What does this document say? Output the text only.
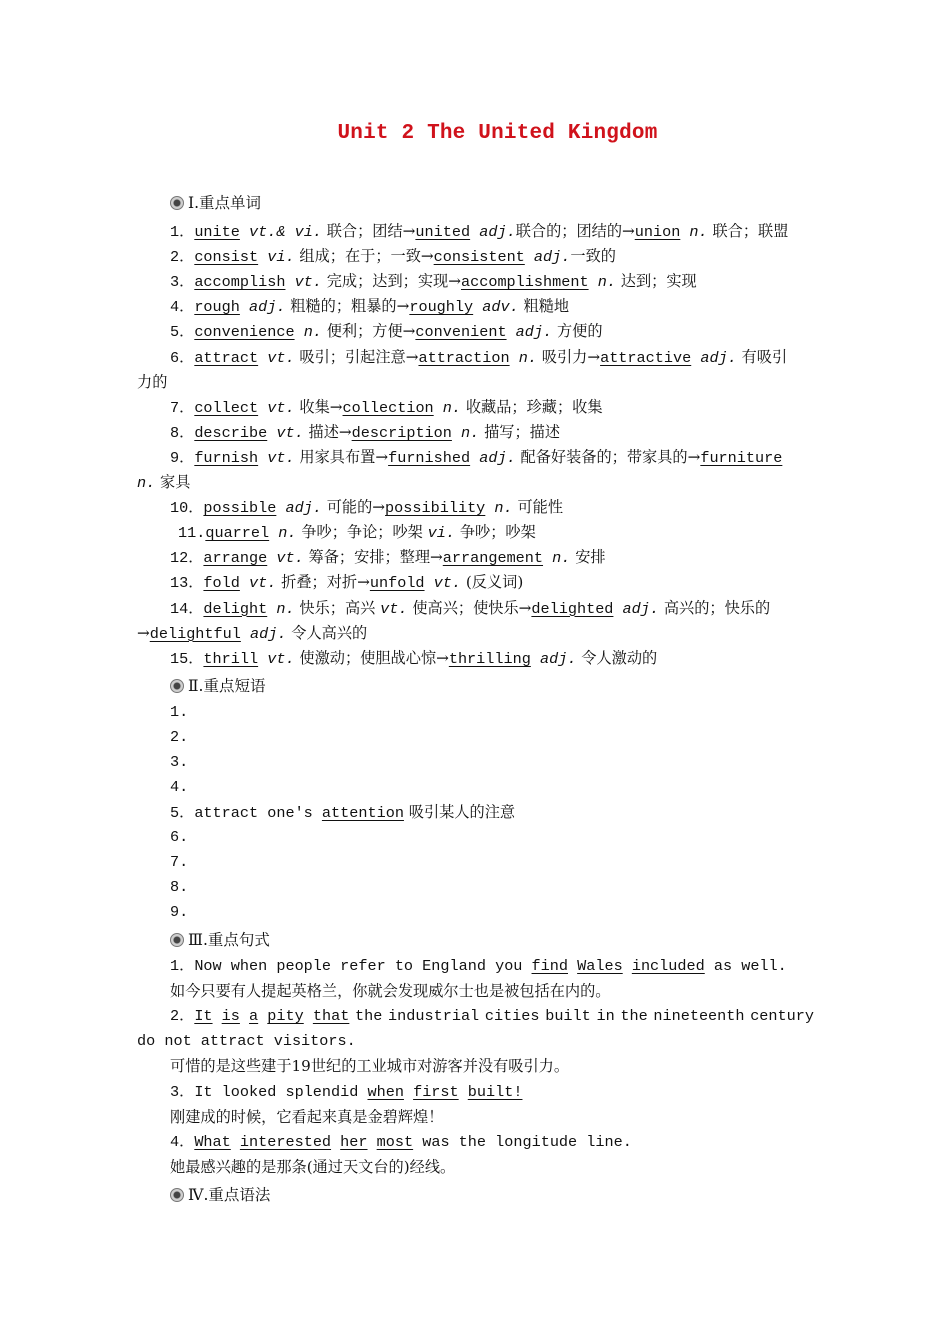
Unit 2 The United Kingdom
Ⅰ.重点单词
1．unite vt.& vi. 联合；团结→united adj.联合的；团结的→union n. 联合；联盟
2．consist vi. 组成；在于；一致→consistent adj.一致的
3．accomplish vt. 完成；达到；实现→accomplishment n. 达到；实现
4．rough adj. 粗糙的；粗暴的→roughly adv. 粗糙地
5．convenience n. 便利；方便→convenient adj. 方便的
6．attract vt. 吸引；引起注意→attraction n. 吸引力→attractive adj. 有吸引
力的
7．collect vt. 收集→collection n. 收藏品；珍藏；收集
8．describe vt. 描述→description n. 描写；描述
9．furnish vt. 用家具布置→furnished adj. 配备好装备的；带家具的→furniture
n. 家具
10．possible adj. 可能的→possibility n. 可能性
11.quarrel n. 争吵；争论；吵架 vi. 争吵；吵架
12．arrange vt. 筹备；安排；整理→arrangement n. 安排
13．fold vt. 折叠；对折→unfold vt. (反义词)
14．delight n. 快乐；高兴 vt. 使高兴；使快乐→delighted adj. 高兴的；快乐的
→delightful adj. 令人高兴的
15．thrill vt. 使激动；使胆战心惊→thrilling adj. 令人激动的
Ⅱ.重点短语
1.
2.
3.
4.
5．attract one's attention 吸引某人的注意
6.
7.
8.
9.
Ⅲ.重点句式
1．Now when people refer to England you find Wales included as well.
如今只要有人提起英格兰，你就会发现威尔士也是被包括在内的。
2．It is a pity that the industrial cities built in the nineteenth century
do not attract visitors.
可惜的是这些建于19世纪的工业城市对游客并没有吸引力。
3．It looked splendid when first built!
刚建成的时候，它看起来真是金碧辉煌！
4．What interested her most was the longitude line.
她最感兴趣的是那条(通过天文台的)经线。
Ⅳ.重点语法
